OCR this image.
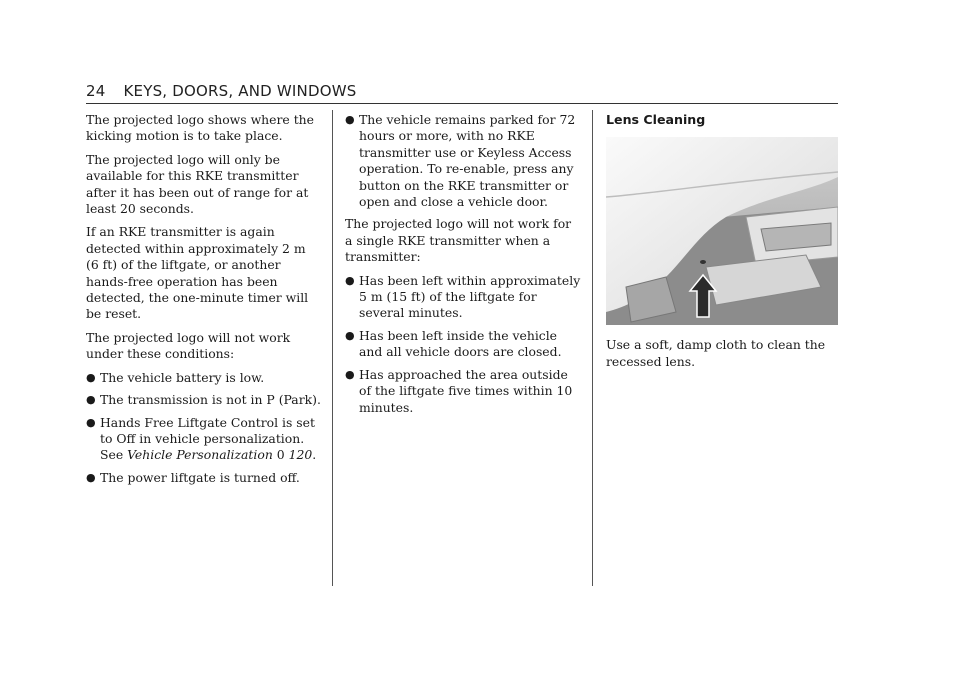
24 KEYS, DOORS, AND WINDOWS

The projected logo shows where the kicking motion is to take place.

The projected logo will only be available for this RKE transmitter after it has been out of range for at least 20 seconds.

If an RKE transmitter is again detected within approximately 2 m (6 ft) of the liftgate, or another hands-free operation has been detected, the one-minute timer will be reset.

The projected logo will not work under these conditions:

● The vehicle battery is low.
● The transmission is not in P (Park).
● Hands Free Liftgate Control is set to Off in vehicle personalization. See Vehicle Personalization 0 120.
● The power liftgate is turned off.
● The vehicle remains parked for 72 hours or more, with no RKE transmitter use or Keyless Access operation. To re-enable, press any button on the RKE transmitter or open and close a vehicle door.

The projected logo will not work for a single RKE transmitter when a transmitter:

● Has been left within approximately 5 m (15 ft) of the liftgate for several minutes.
● Has been left inside the vehicle and all vehicle doors are closed.
● Has approached the area outside of the liftgate five times within 10 minutes.
Lens Cleaning

Use a soft, damp cloth to clean the recessed lens.
